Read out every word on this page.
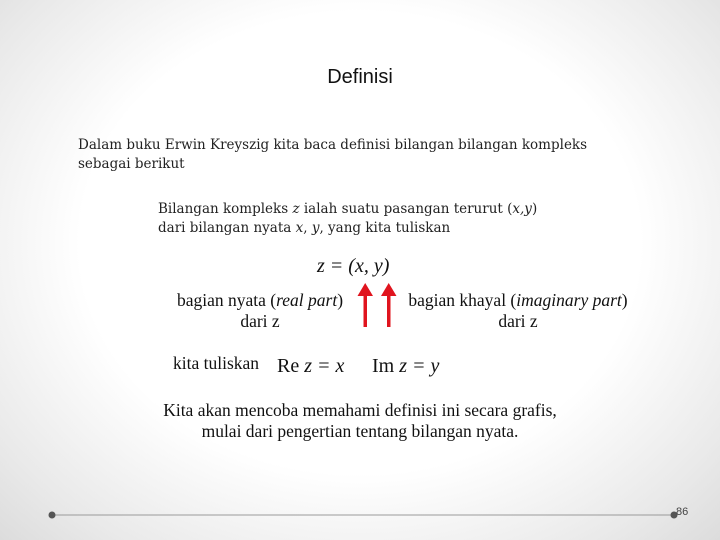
Definisi
Dalam buku Erwin Kreyszig kita baca definisi bilangan bilangan kompleks
sebagai berikut
Bilangan kompleks z ialah suatu pasangan terurut (x,y)
dari bilangan nyata x, y, yang kita tuliskan
z = (x, y)
bagian nyata (real part)
dari z
bagian khayal (imaginary part)
dari z
kita tuliskan Re z = x Im z = y
Kita akan mencoba memahami definisi ini secara grafis,
mulai dari pengertian tentang bilangan nyata.
86
